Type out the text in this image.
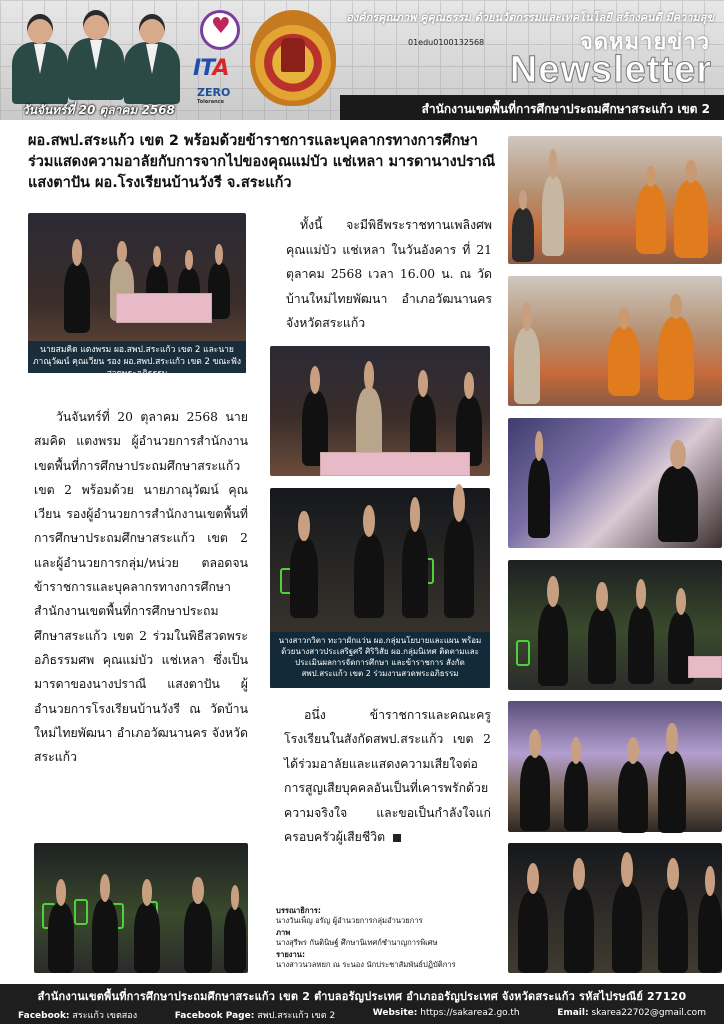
วันจันทร์ที่ 20 ตุลาคม 2568
♥
ITA
ZERO
Tolerance
องค์กรคุณภาพ คู่คุณธรรม ด้วยนวัตกรรมและเทคโนโลยี สร้างคนดี มีความสุข
01edu0100132568	จดหมายข่าว
Newsletter
สำนักงานเขตพื้นที่การศึกษาประถมศึกษาสระแก้ว เขต 2
ผอ.สพป.สระแก้ว เขต 2 พร้อมด้วยข้าราชการและบุคลากรทางการศึกษา ร่วมแสดงความอาลัยกับการจากไปของคุณแม่บัว แช่เหลา มารดานางปราณี แสงตาปัน ผอ.โรงเรียนบ้านวังรี จ.สระแก้ว
นายสมคิด แตงพรม ผอ.สพป.สระแก้ว เขต 2 และนายภาณุวัฒน์ คุณเวียน รอง ผอ.สพป.สระแก้ว เขต 2 ขณะฟังสวดพระอภิธรรม
นางสาวกวิตา ทะวาผักแว่น ผอ.กลุ่มนโยบายและแผน พร้อมด้วยนางสาวประเสริฐศรี ศิริวิสัย ผอ.กลุ่มนิเทศ ติดตามและประเมินผลการจัดการศึกษา และข้าราชการ สังกัด สพป.สระแก้ว เขต 2 ร่วมงานสวดพระอภิธรรม
ทั้งนี้ จะมีพิธีพระราชทานเพลิงศพ คุณแม่บัว แช่เหลา ในวันอังคาร ที่ 21 ตุลาคม 2568 เวลา 16.00 น. ณ วัดบ้านใหม่ไทยพัฒนา อำเภอวัฒนานคร จังหวัดสระแก้ว
วันจันทร์ที่ 20 ตุลาคม 2568 นายสมคิด แตงพรม ผู้อำนวยการสำนักงานเขตพื้นที่การศึกษาประถมศึกษาสระแก้ว เขต 2 พร้อมด้วย นายภาณุวัฒน์ คุณเวียน รองผู้อำนวยการสำนักงานเขตพื้นที่การศึกษาประถมศึกษาสระแก้ว เขต 2 และผู้อำนวยการกลุ่ม/หน่วย ตลอดจนข้าราชการและบุคลากรทางการศึกษา สำนักงานเขตพื้นที่การศึกษาประถมศึกษาสระแก้ว เขต 2 ร่วมในพิธีสวดพระอภิธรรมศพ คุณแม่บัว แช่เหลา ซึ่งเป็นมารดาของนางปราณี แสงตาปัน ผู้อำนวยการโรงเรียนบ้านวังรี ณ วัดบ้านใหม่ไทยพัฒนา อำเภอวัฒนานคร จังหวัดสระแก้ว
อนึ่ง ข้าราชการและคณะครูโรงเรียนในสังกัดสพป.สระแก้ว เขต 2 ได้ร่วมอาลัยและแสดงความเสียใจต่อการสูญเสียบุคคลอันเป็นที่เคารพรักด้วยความจริงใจ และขอเป็นกำลังใจแก่ครอบครัวผู้เสียชีวิต
บรรณาธิการ:
นางวันเพ็ญ อรัญ ผู้อำนวยการกลุ่มอำนวยการ
ภาพ
นางสุรีพร กันตินิษฐ์ ศึกษานิเทศก์ชำนาญการพิเศษ
รายงาน:
นางสาวนวลหยก ณ ระนอง นักประชาสัมพันธ์ปฏิบัติการ
สำนักงานเขตพื้นที่การศึกษาประถมศึกษาสระแก้ว เขต 2 ตำบลอรัญประเทศ อำเภออรัญประเทศ จังหวัดสระแก้ว รหัสไปรษณีย์ 27120
Facebook: สระแก้ว เขตสอง	Facebook Page: สพป.สระแก้ว เขต 2	Website: https://sakarea2.go.th	Email: skarea22702@gmail.com
